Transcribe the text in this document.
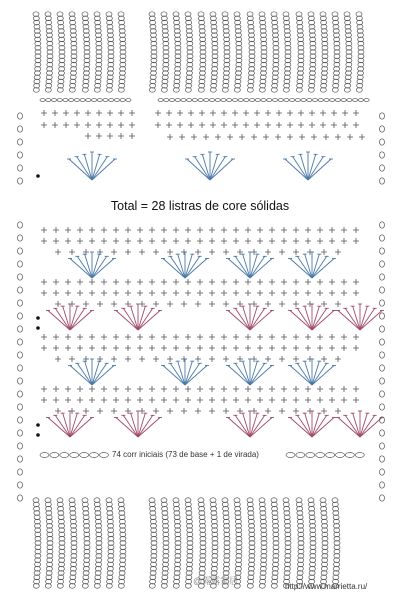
Total = 28 listras de core sólidas
74 corr iniciais (73 de base + 1 de virada)
@露露家居
http://www.marrietta.ru/
